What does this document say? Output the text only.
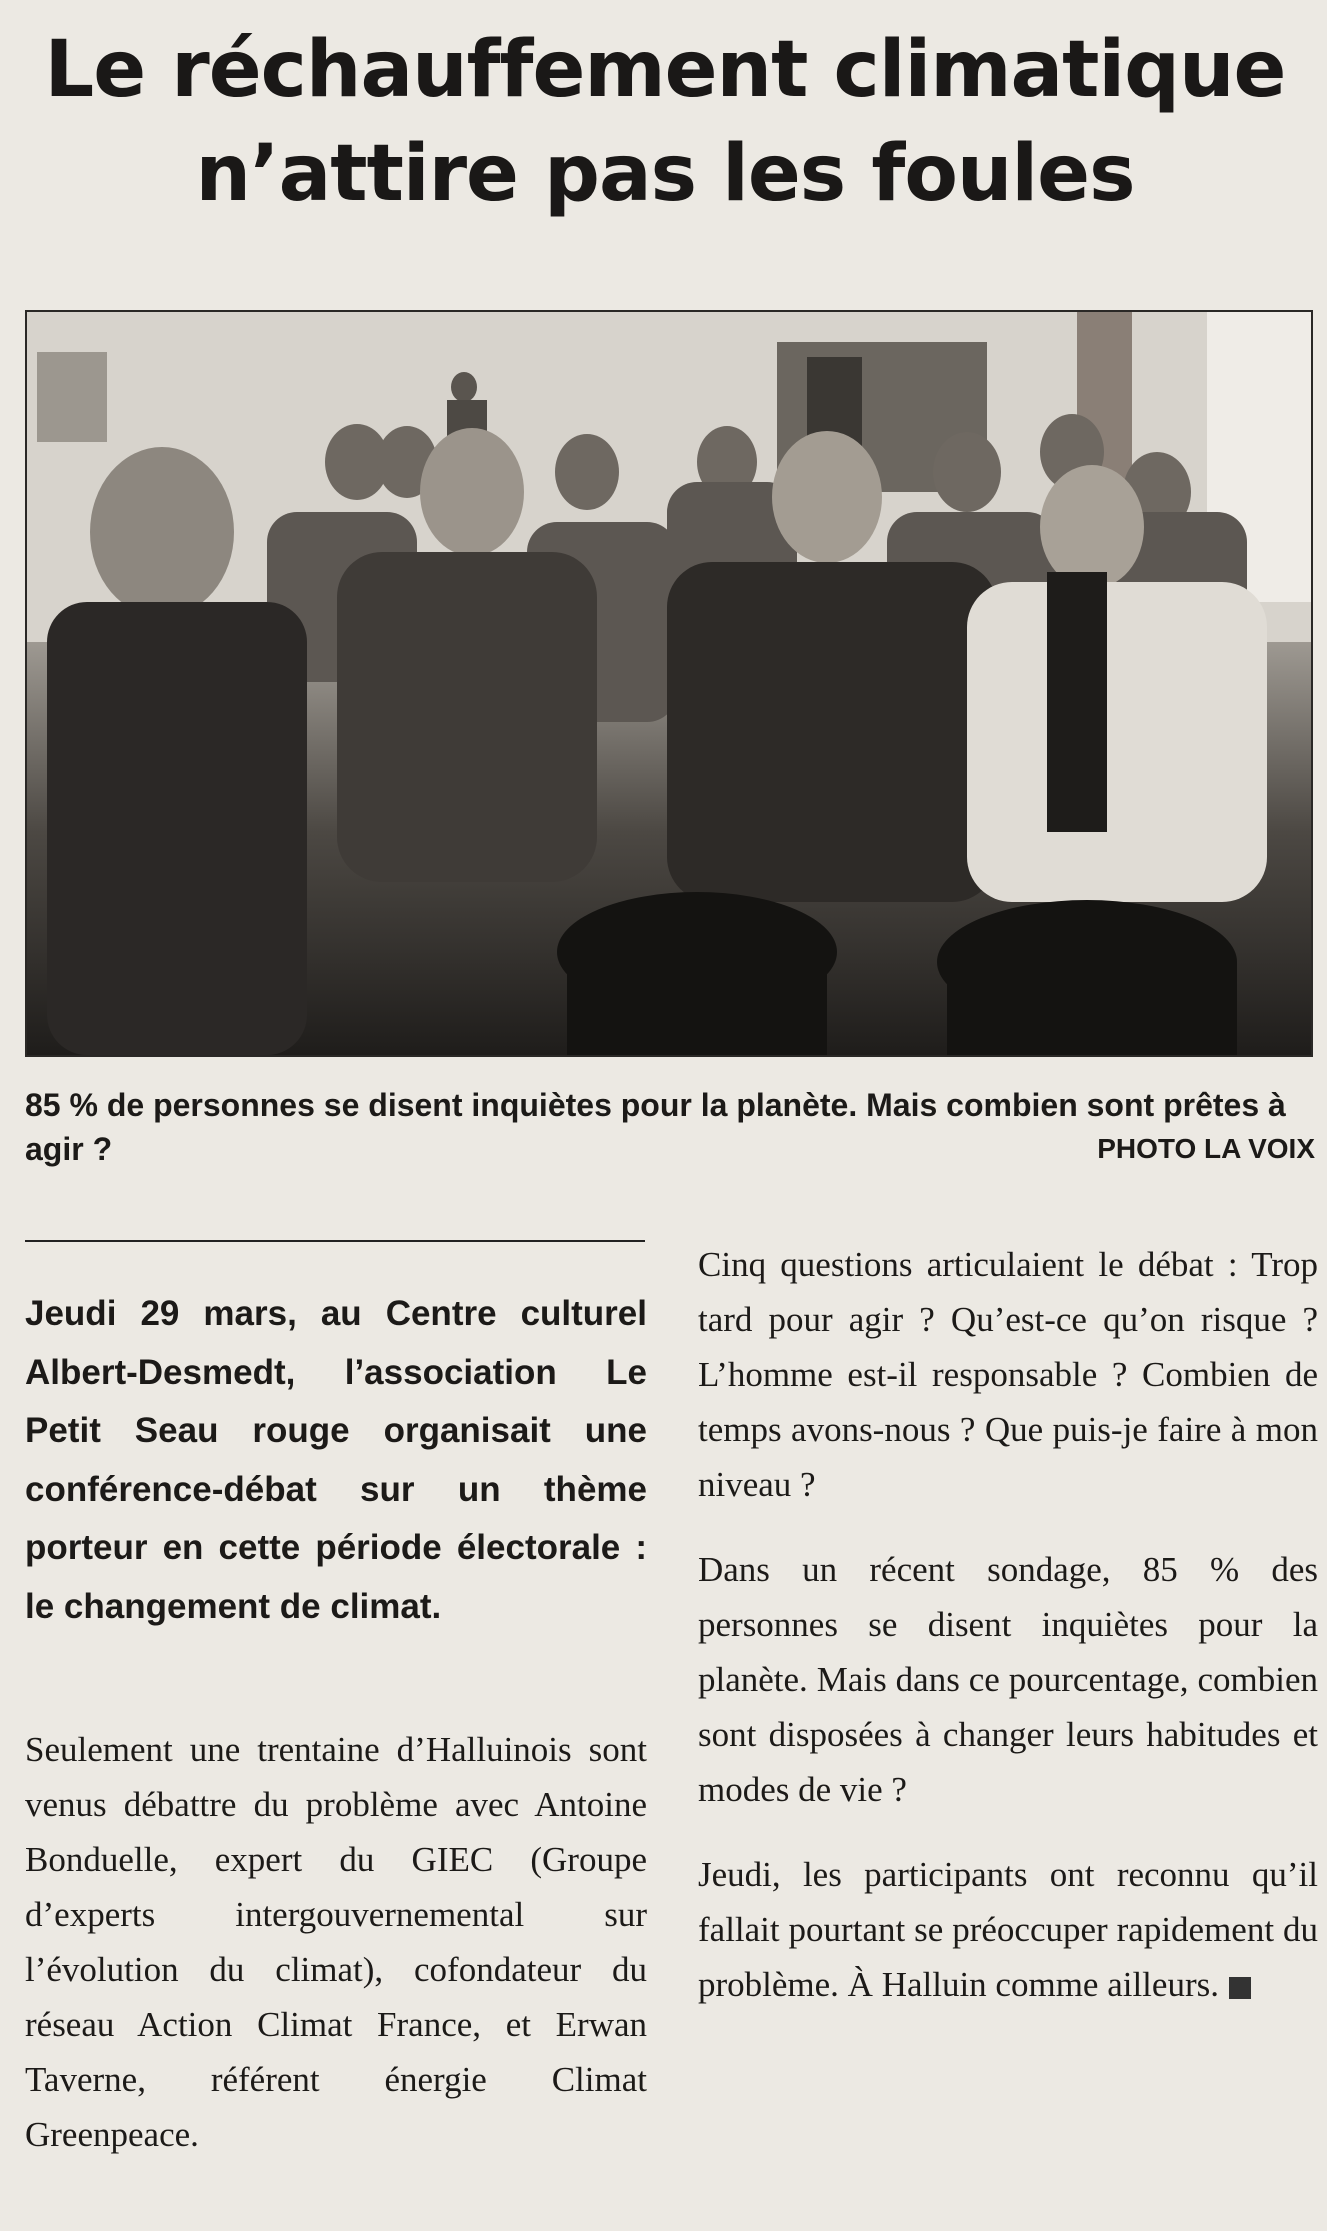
Le réchauffement climatique
n’attire pas les foules
85 % de personnes se disent inquiètes pour la planète. Mais combien sont prêtes à agir ?	PHOTO LA VOIX
Jeudi 29 mars, au Centre culturel Albert-Desmedt, l’association Le Petit Seau rouge organisait une conférence-débat sur un thème porteur en cette période électorale : le changement de climat.

Seulement une trentaine d’Halluinois sont venus débattre du problème avec Antoine Bonduelle, expert du GIEC (Groupe d’experts intergouvernemental sur l’évolution du climat), cofondateur du réseau Action Climat France, et Erwan Taverne, référent énergie Climat Greenpeace.

Cinq questions articulaient le débat : Trop tard pour agir ? Qu’est-ce qu’on risque ? L’homme est-il responsable ? Combien de temps avons-nous ? Que puis-je faire à mon niveau ?

Dans un récent sondage, 85 % des personnes se disent inquiètes pour la planète. Mais dans ce pourcentage, combien sont disposées à changer leurs habitudes et modes de vie ?

Jeudi, les participants ont reconnu qu’il fallait pourtant se préoccuper rapidement du problème. À Halluin comme ailleurs.
